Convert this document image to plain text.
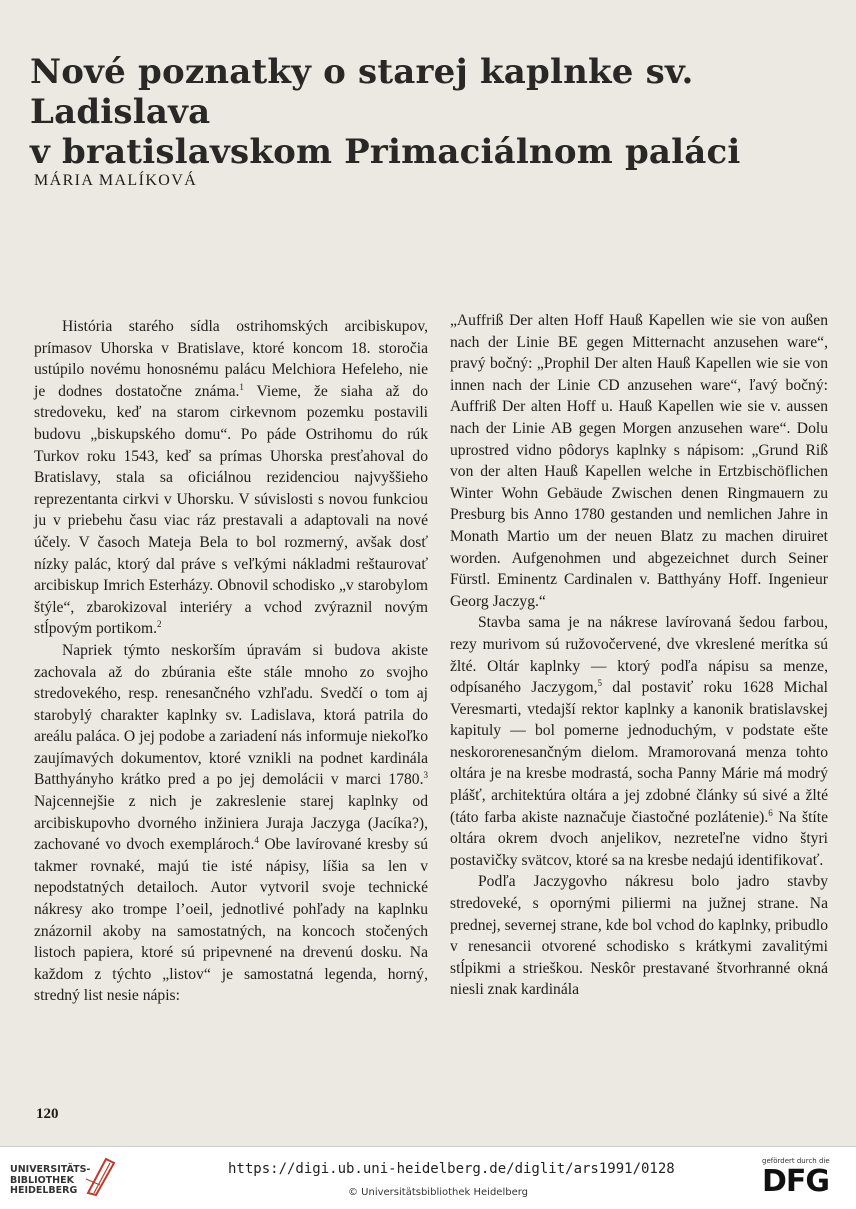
Nové poznatky o starej kaplnke sv. Ladislava
v bratislavskom Primaciálnom paláci

MÁRIA MALÍKOVÁ

História starého sídla ostrihomských arcibiskupov, prímasov Uhorska v Bratislave, ktoré koncom 18. storočia ustúpilo novému honosnému palácu Melchiora Hefeleho, nie je dodnes dostatočne známa.$^1$ Vieme, že siaha až do stredoveku, keď na starom cirkevnom pozemku postavili budovu „biskupského domu“. Po páde Ostrihomu do rúk Turkov roku 1543, keď sa prímas Uhorska presťahoval do Bratislavy, stala sa oficiálnou rezidenciou najvyššieho reprezentanta cirkvi v Uhorsku. V súvislosti s novou funkciou ju v priebehu času viac ráz prestavali a adaptovali na nové účely. V časoch Mateja Bela to bol rozmerný, avšak dosť nízky palác, ktorý dal práve s veľkými nákladmi reštaurovať arcibiskup Imrich Esterházy. Obnovil schodisko „v starobylom štýle“, zbarokizoval interiéry a vchod zvýraznil novým stĺpovým portikom.$^2$

Napriek týmto neskorším úpravám si budova akiste zachovala až do zbúrania ešte stále mnoho zo svojho stredovekého, resp. renesančného vzhľadu. Svedčí o tom aj starobylý charakter kaplnky sv. Ladislava, ktorá patrila do areálu paláca. O jej podobe a zariadení nás informuje niekoľko zaujímavých dokumentov, ktoré vznikli na podnet kardinála Batthyányho krátko pred a po jej demolácii v marci 1780.$^3$ Najcennejšie z nich je zakreslenie starej kaplnky od arcibiskupovho dvorného inžiniera Juraja Jaczyga (Jacíka?), zachované vo dvoch exemplároch.$^4$ Obe lavírované kresby sú takmer rovnaké, majú tie isté nápisy, líšia sa len v nepodstatných detailoch. Autor vytvoril svoje technické nákresy ako trompe l’oeil, jednotlivé pohľady na kaplnku znázornil akoby na samostatných, na koncoch stočených listoch papiera, ktoré sú pripevnené na drevenú dosku. Na každom z týchto „listov“ je samostatná legenda, horný, stredný list nesie nápis:

„Auffriß Der alten Hoff Hauß Kapellen wie sie von außen nach der Linie BE gegen Mitternacht anzusehen ware“, pravý bočný: „Prophil Der alten Hauß Kapellen wie sie von innen nach der Linie CD anzusehen ware“, ľavý bočný: Auffriß Der alten Hoff u. Hauß Kapellen wie sie v. aussen nach der Linie AB gegen Morgen anzusehen ware“. Dolu uprostred vidno pôdorys kaplnky s nápisom: „Grund Riß von der alten Hauß Kapellen welche in Ertzbischöflichen Winter Wohn Gebäude Zwischen denen Ringmauern zu Presburg bis Anno 1780 gestanden und nemlichen Jahre in Monath Martio um der neuen Blatz zu machen diruiret worden. Aufgenohmen und abgezeichnet durch Seiner Fürstl. Eminentz Cardinalen v. Batthyány Hoff. Ingenieur Georg Jaczyg.“

Stavba sama je na nákrese lavírovaná šedou farbou, rezy murivom sú ružovočervené, dve vkreslené merítka sú žlté. Oltár kaplnky — ktorý podľa nápisu sa menze, odpísaného Jaczygom,$^5$ dal postaviť roku 1628 Michal Veresmarti, vtedajší rektor kaplnky a kanonik bratislavskej kapituly — bol pomerne jednoduchým, v podstate ešte neskororenesančným dielom. Mramorovaná menza tohto oltára je na kresbe modrastá, socha Panny Márie má modrý plášť, architektúra oltára a jej zdobné články sú sivé a žlté (táto farba akiste naznačuje čiastočné pozlátenie).$^6$ Na štíte oltára okrem dvoch anjelikov, nezreteľne vidno štyri postavičky svätcov, ktoré sa na kresbe nedajú identifikovať.

Podľa Jaczygovho nákresu bolo jadro stavby stredoveké, s opornými piliermi na južnej strane. Na prednej, severnej strane, kde bol vchod do kaplnky, pribudlo v renesancii otvorené schodisko s krátkymi zavalitými stĺpikmi a strieškou. Neskôr prestavané štvorhranné okná niesli znak kardinála

120

UNIVERSITÄTS-
BIBLIOTHEK
HEIDELBERG
https://digi.ub.uni-heidelberg.de/diglit/ars1991/0128
© Universitätsbibliothek Heidelberg
gefördert durch die
DFG
